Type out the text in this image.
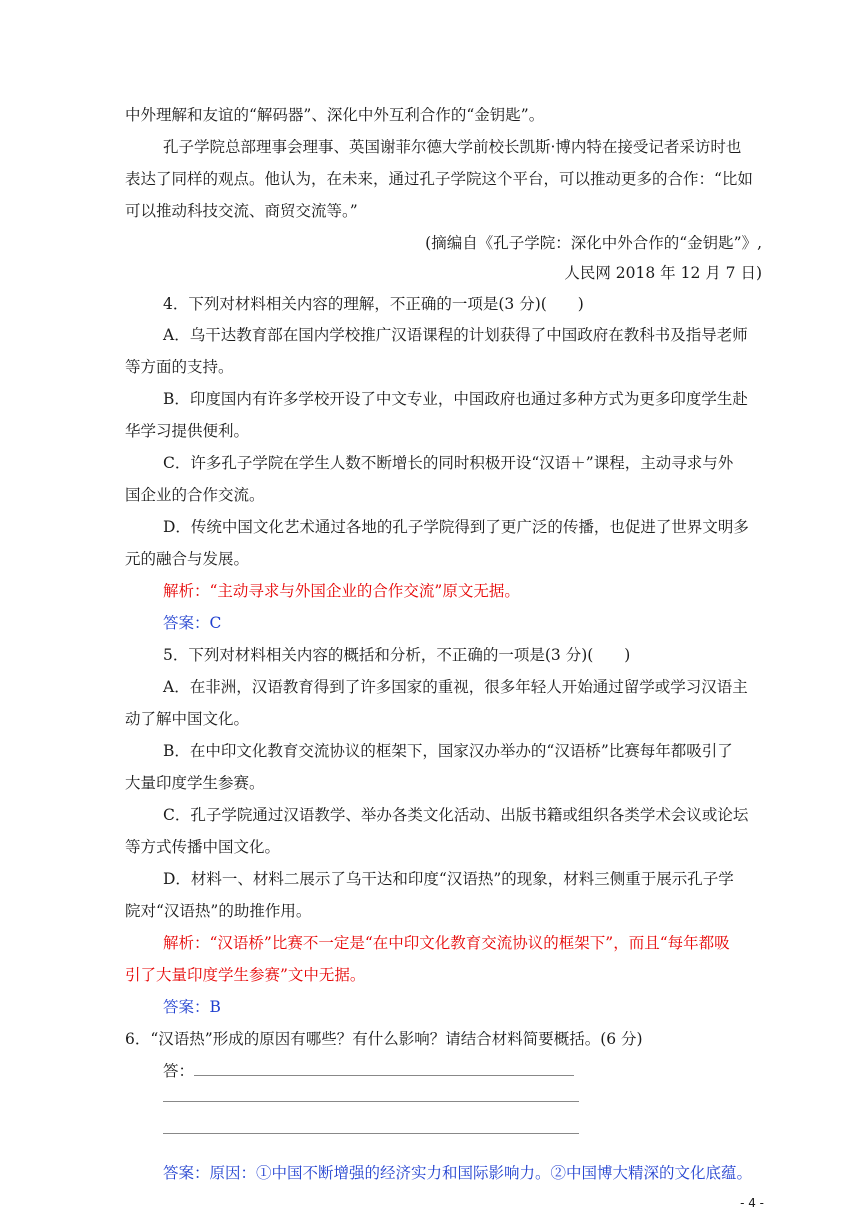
中外理解和友谊的“解码器”、深化中外互利合作的“金钥匙”。
孔子学院总部理事会理事、英国谢菲尔德大学前校长凯斯·博内特在接受记者采访时也
表达了同样的观点。他认为，在未来，通过孔子学院这个平台，可以推动更多的合作：“比如
可以推动科技交流、商贸交流等。”
(摘编自《孔子学院：深化中外合作的“金钥匙”》,
人民网 2018 年 12 月 7 日)
4．下列对材料相关内容的理解，不正确的一项是(3 分)(　　)
A．乌干达教育部在国内学校推广汉语课程的计划获得了中国政府在教科书及指导老师
等方面的支持。
B．印度国内有许多学校开设了中文专业，中国政府也通过多种方式为更多印度学生赴
华学习提供便利。
C．许多孔子学院在学生人数不断增长的同时积极开设“汉语＋”课程，主动寻求与外
国企业的合作交流。
D．传统中国文化艺术通过各地的孔子学院得到了更广泛的传播，也促进了世界文明多
元的融合与发展。
解析：“主动寻求与外国企业的合作交流”原文无据。
答案：C
5．下列对材料相关内容的概括和分析，不正确的一项是(3 分)(　　)
A．在非洲，汉语教育得到了许多国家的重视，很多年轻人开始通过留学或学习汉语主
动了解中国文化。
B．在中印文化教育交流协议的框架下，国家汉办举办的“汉语桥”比赛每年都吸引了
大量印度学生参赛。
C．孔子学院通过汉语教学、举办各类文化活动、出版书籍或组织各类学术会议或论坛
等方式传播中国文化。
D．材料一、材料二展示了乌干达和印度“汉语热”的现象，材料三侧重于展示孔子学
院对“汉语热”的助推作用。
解析：“汉语桥”比赛不一定是“在中印文化教育交流协议的框架下”，而且“每年都吸
引了大量印度学生参赛”文中无据。
答案：B
6．“汉语热”形成的原因有哪些？有什么影响？请结合材料简要概括。(6 分)
答：
答案：原因：①中国不断增强的经济实力和国际影响力。②中国博大精深的文化底蕴。
- 4 -
